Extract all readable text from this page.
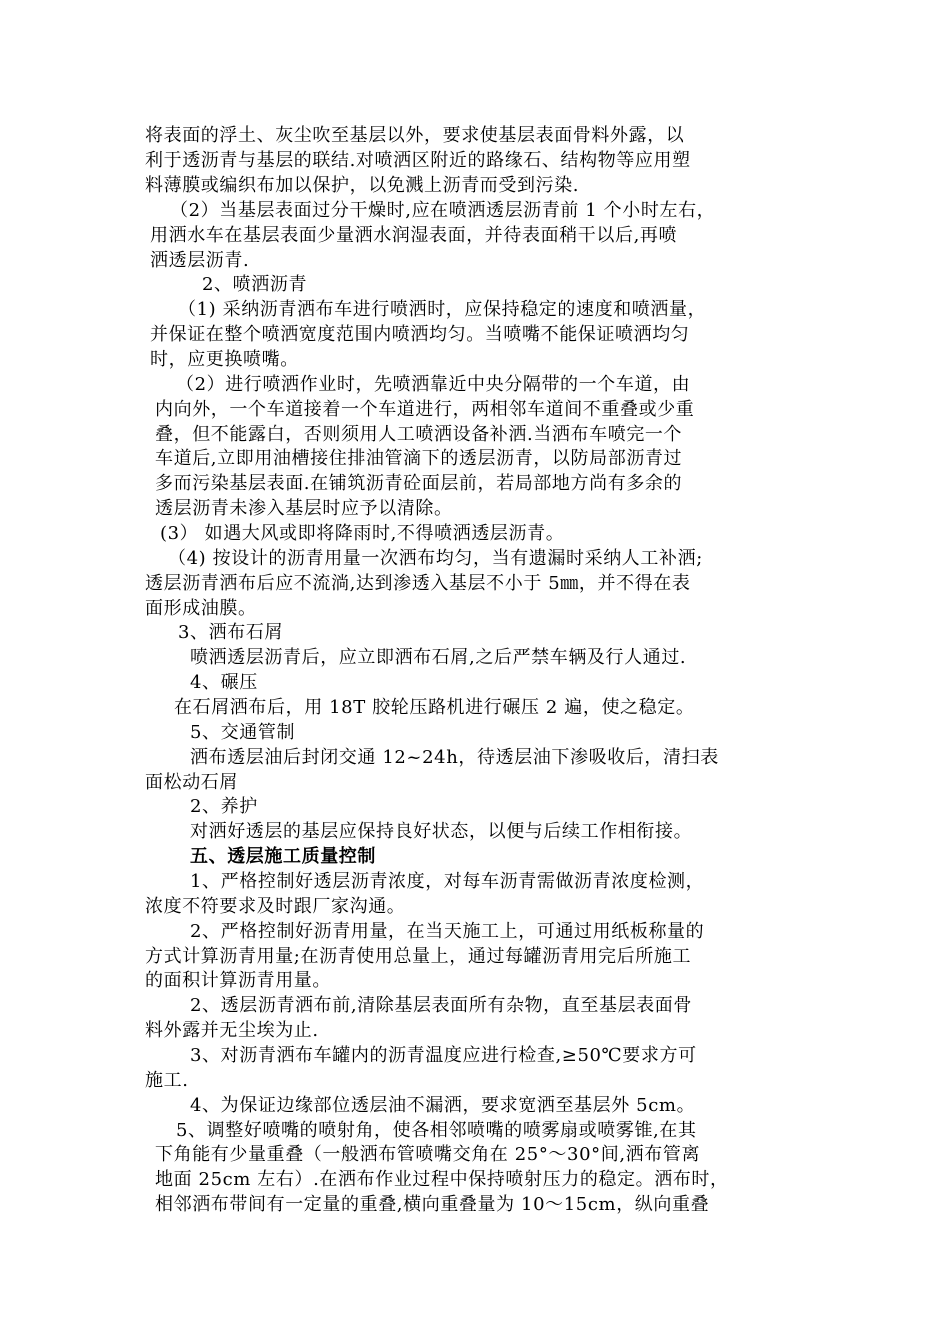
将表面的浮土、灰尘吹至基层以外，要求使基层表面骨料外露，以
利于透沥青与基层的联结.对喷洒区附近的路缘石、结构物等应用塑
料薄膜或编织布加以保护，以免溅上沥青而受到污染.
（2）当基层表面过分干燥时,应在喷洒透层沥青前 1 个小时左右，
用洒水车在基层表面少量洒水润湿表面，并待表面稍干以后,再喷
洒透层沥青.
2、喷洒沥青
（1) 采纳沥青洒布车进行喷洒时，应保持稳定的速度和喷洒量，
并保证在整个喷洒宽度范围内喷洒均匀。当喷嘴不能保证喷洒均匀
时，应更换喷嘴。
（2）进行喷洒作业时，先喷洒靠近中央分隔带的一个车道，由
内向外，一个车道接着一个车道进行，两相邻车道间不重叠或少重
叠，但不能露白，否则须用人工喷洒设备补洒.当洒布车喷完一个
车道后,立即用油槽接住排油管滴下的透层沥青，以防局部沥青过
多而污染基层表面.在铺筑沥青砼面层前，若局部地方尚有多余的
透层沥青未渗入基层时应予以清除。
(3） 如遇大风或即将降雨时,不得喷洒透层沥青。
（4) 按设计的沥青用量一次洒布均匀，当有遗漏时采纳人工补洒;
透层沥青洒布后应不流淌,达到渗透入基层不小于 5㎜，并不得在表
面形成油膜。
3、洒布石屑
喷洒透层沥青后，应立即洒布石屑,之后严禁车辆及行人通过.
4、碾压
在石屑洒布后，用 18T 胶轮压路机进行碾压 2 遍，使之稳定。
5、交通管制
洒布透层油后封闭交通 12~24h，待透层油下渗吸收后，清扫表
面松动石屑
2、养护
对洒好透层的基层应保持良好状态，以便与后续工作相衔接。
五、透层施工质量控制
1、严格控制好透层沥青浓度，对每车沥青需做沥青浓度检测，
浓度不符要求及时跟厂家沟通。
2、严格控制好沥青用量，在当天施工上，可通过用纸板称量的
方式计算沥青用量;在沥青使用总量上，通过每罐沥青用完后所施工
的面积计算沥青用量。
2、透层沥青洒布前,清除基层表面所有杂物，直至基层表面骨
料外露并无尘埃为止.
3、对沥青洒布车罐内的沥青温度应进行检查,≥50℃要求方可
施工.
4、为保证边缘部位透层油不漏洒，要求宽洒至基层外 5cm。
5、调整好喷嘴的喷射角，使各相邻喷嘴的喷雾扇或喷雾锥,在其
下角能有少量重叠（一般洒布管喷嘴交角在 25°～30°间,洒布管离
地面 25cm 左右）.在洒布作业过程中保持喷射压力的稳定。洒布时，
相邻洒布带间有一定量的重叠,横向重叠量为 10～15cm，纵向重叠
